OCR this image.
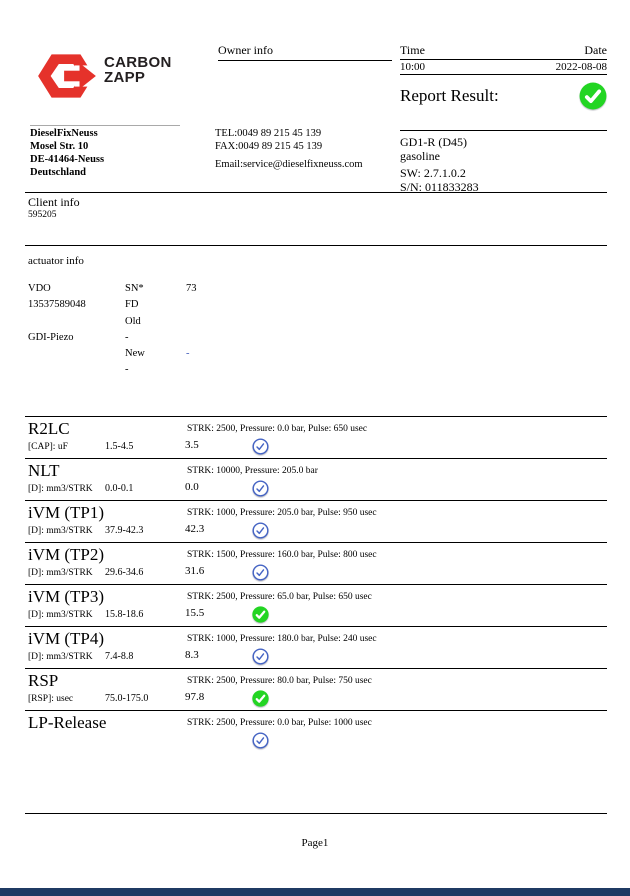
CARBON
ZAPP
Owner info	Time	Date
10:00	2022-08-08
Report Result:
DieselFixNeuss
Mosel Str. 10
DE-41464-Neuss
Deutschland
TEL:0049 89 215 45 139
FAX:0049 89 215 45 139
Email:service@dieselfixneuss.com
GD1-R (D45)
gasoline
SW: 2.7.1.0.2
S/N: 011833283
Client info
595205
actuator info
VDO	SN*	73
13537589048	FD
Old
GDI-Piezo	-
New	-
-
R2LC	STRK: 2500, Pressure: 0.0 bar, Pulse: 650 usec
[CAP]: uF	1.5-4.5	3.5
NLT	STRK: 10000, Pressure: 205.0 bar
[D]: mm3/STRK 0.0-0.1	0.0
iVM (TP1)	STRK: 1000, Pressure: 205.0 bar, Pulse: 950 usec
[D]: mm3/STRK 37.9-42.3	42.3
iVM (TP2)	STRK: 1500, Pressure: 160.0 bar, Pulse: 800 usec
[D]: mm3/STRK 29.6-34.6	31.6
iVM (TP3)	STRK: 2500, Pressure: 65.0 bar, Pulse: 650 usec
[D]: mm3/STRK 15.8-18.6	15.5
iVM (TP4)	STRK: 1000, Pressure: 180.0 bar, Pulse: 240 usec
[D]: mm3/STRK 7.4-8.8	8.3
RSP	STRK: 2500, Pressure: 80.0 bar, Pulse: 750 usec
[RSP]: usec	75.0-175.0	97.8
LP-Release	STRK: 2500, Pressure: 0.0 bar, Pulse: 1000 usec
Page1
